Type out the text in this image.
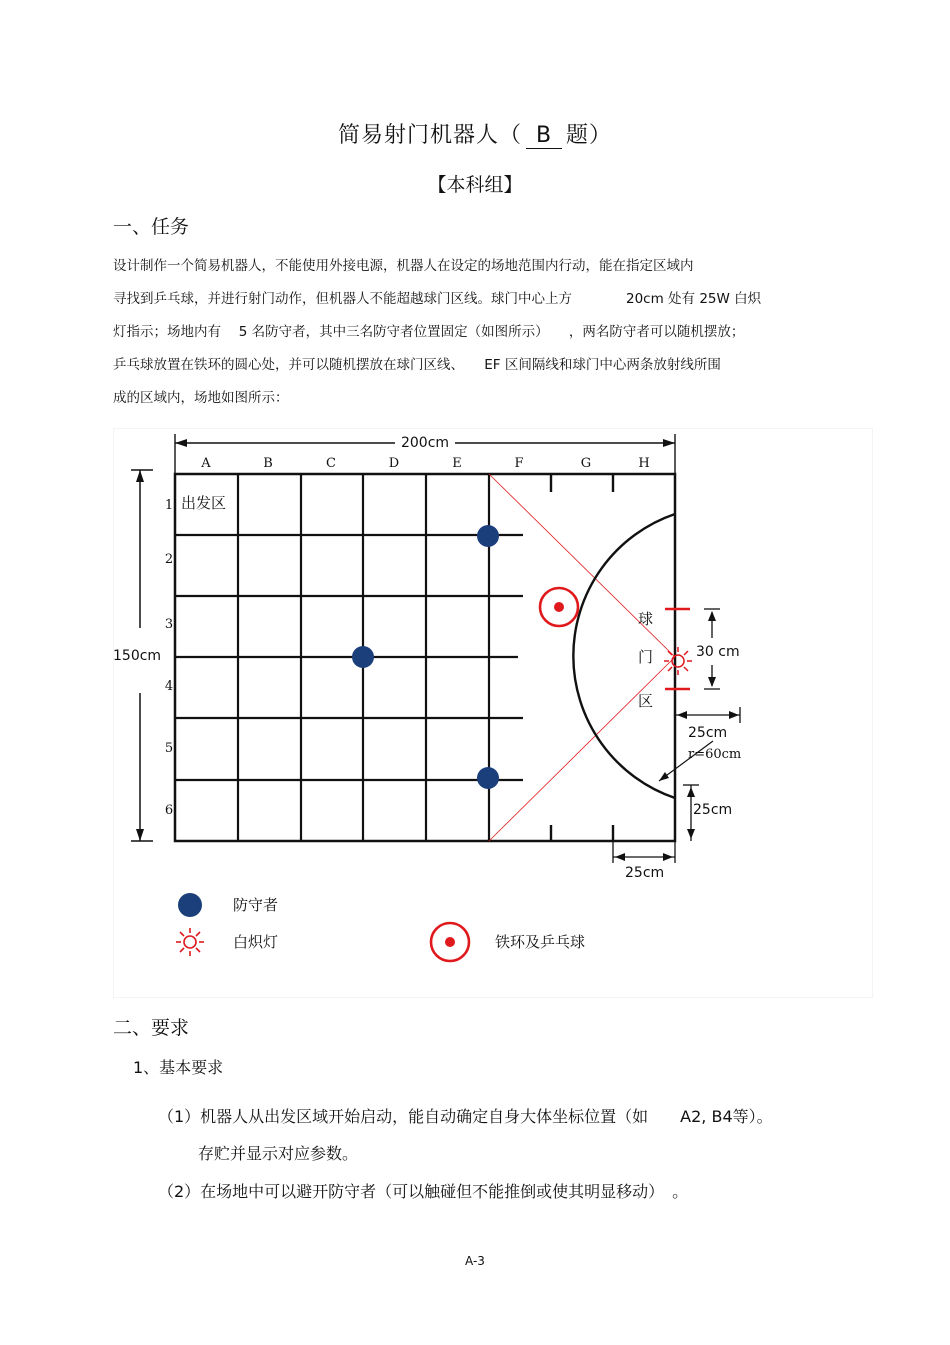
简易射门机器人（ B 题）
【本科组】
一、任务
设计制作一个简易机器人，不能使用外接电源，机器人在设定的场地范围内行动，能在指定区域内
寻找到乒乓球，并进行射门动作，但机器人不能超越球门区线。球门中心上方　　　　20cm 处有 25W 白炽
灯指示；场地内有　 5 名防守者，其中三名防守者位置固定（如图所示）　　，两名防守者可以随机摆放；
乒乓球放置在铁环的圆心处，并可以随机摆放在球门区线、　　EF 区间隔线和球门中心两条放射线所围
成的区域内，场地如图所示：
200cm
A	B	C	D	E	F	G	H
150cm
1
2
3
4
5
6
出发区
球
门
区
30 cm
25cm
r=60cm
25cm
25cm
防守者
白炽灯	铁环及乒乓球
二、要求
1、基本要求
（1）机器人从出发区域开始启动，能自动确定自身大体坐标位置（如　　A2, B4等）。
存贮并显示对应参数。
（2）在场地中可以避开防守者（可以触碰但不能推倒或使其明显移动）　。
A-3
